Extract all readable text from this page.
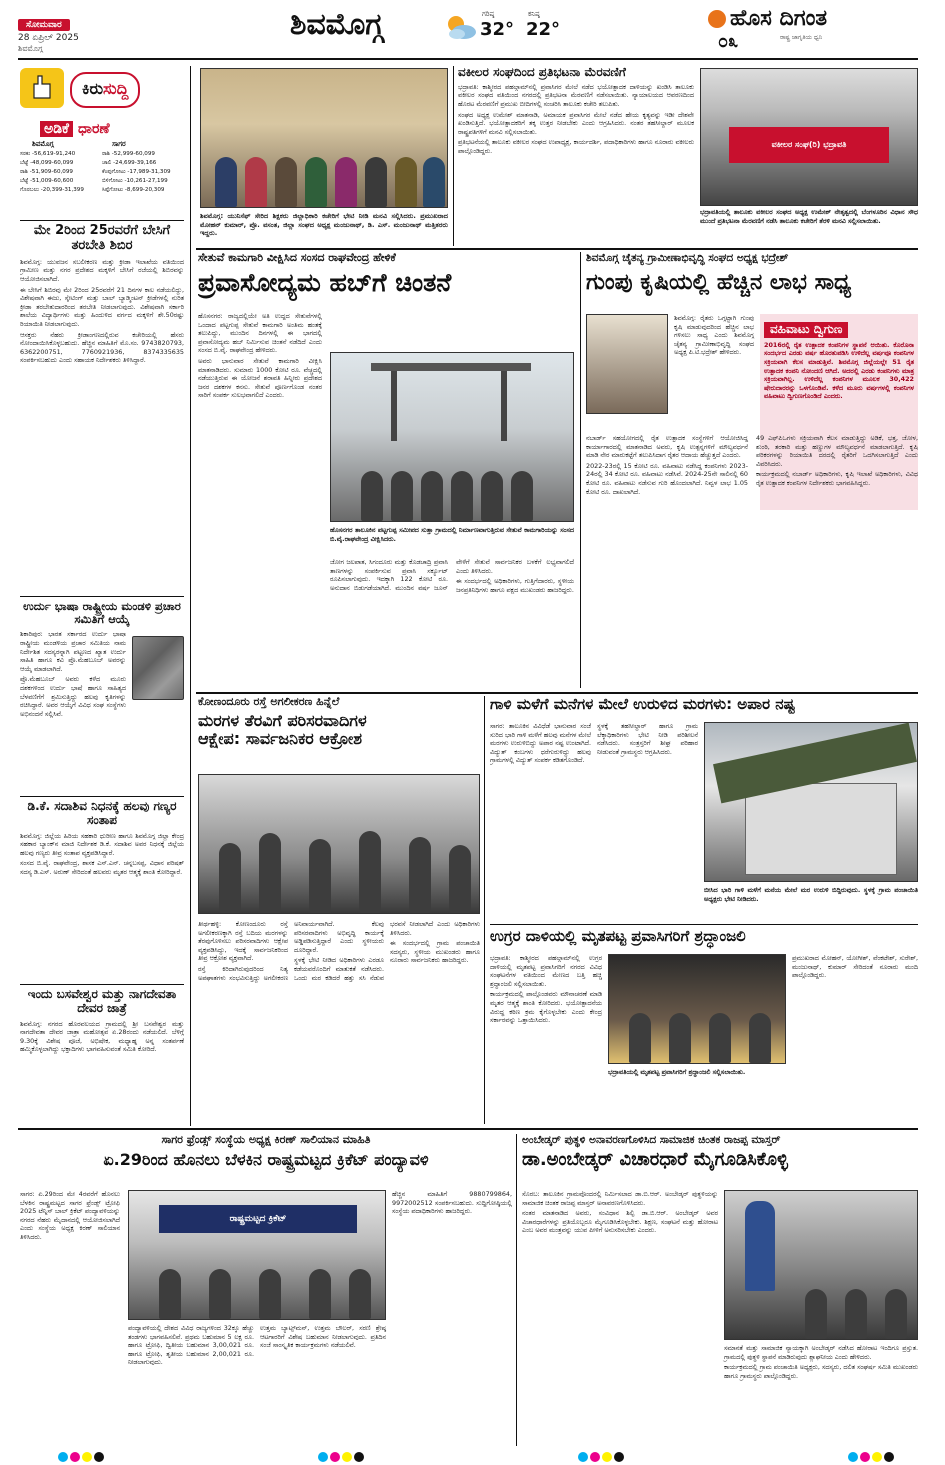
ಸೋಮವಾರ
28 ಏಪ್ರಿಲ್ 2025
ಶಿವಮೊಗ್ಗ
ಶಿವಮೊಗ್ಗ	ಗರಿಷ್ಠ
32°
ಕನಿಷ್ಠ
22°	ಹೊಸ ದಿಗಂತ
ರಾಷ್ಟ್ರ ಜಾಗೃತಿಯ ಧ್ವನಿ
೦೩
ಕಿರುಸುದ್ದಿ
ಅಡಿಕೆ ಧಾರಣೆ
ಶಿವಮೊಗ್ಗ	ಸಾಗರ
ಸರಕು -56,619-91,240	ರಾಶಿ -52,999-60,099
ಬೆಟ್ಟೆ -48,099-60,099	ಚಾಲಿ -24,699-39,166
ರಾಶಿ -51,909-60,099	ಕೆಂಪುಗೋಟು -17,989-31,309
ಬೆಟ್ಟೆ -51,009-60,600	ಬಿಳಿಗೋಟು -10,261-27,199
ಗೊರಬಲು -20,399-31,399	ಸಿಪ್ಪೆಗೋಟು -8,699-20,309
ಮೇ 2ರಿಂದ 25ರವರೆಗೆ ಬೇಸಿಗೆ ತರಬೇತಿ ಶಿಬಿರ

ಶಿವಮೊಗ್ಗ: ಯುವಜನ ಸಬಲೀಕರಣ ಮತ್ತು ಕ್ರೀಡಾ ಇಲಾಖೆಯ ವತಿಯಿಂದ ಗ್ರಾಮೀಣ ಮತ್ತು ನಗರ ಪ್ರದೇಶದ ಮಕ್ಕಳಿಗೆ ಬೇಸಿಗೆ ರಜೆಯಲ್ಲಿ ಶಿಬಿರವನ್ನು ಆಯೋಜಿಸಲಾಗಿದೆ.

ಈ ಬೇಸಿಗೆ ಶಿಬಿರವು ಮೇ 2ರಿಂದ 25ರವರೆಗೆ 21 ದಿನಗಳ ಕಾಲ ನಡೆಯಲಿದ್ದು, ವಿಶೇಷವಾಗಿ ಈಜು, ಸ್ಕೇಟಿಂಗ್ ಮತ್ತು ಬಾಲ್ ಬ್ಯಾಡ್ಮಿಂಟನ್ ಕ್ರೀಡೆಗಳಲ್ಲಿ ನುರಿತ ಕ್ರೀಡಾ ತರಬೇತುದಾರರಿಂದ ತರಬೇತಿ ನೀಡಲಾಗುವುದು. ವಿಶೇಷವಾಗಿ ಸರ್ಕಾರಿ ಶಾಲೆಯ ವಿದ್ಯಾರ್ಥಿಗಳು ಮತ್ತು ಹಿಂದುಳಿದ ವರ್ಗದ ಮಕ್ಕಳಿಗೆ ಶೇ.50ರಷ್ಟು ರಿಯಾಯಿತಿ ನೀಡಲಾಗುವುದು.

ಆಸಕ್ತರು ನೆಹರು ಕ್ರೀಡಾಂಗಣದಲ್ಲಿರುವ ಕಚೇರಿಯಲ್ಲಿ ಹೆಸರು ನೋಂದಾಯಿಸಿಕೊಳ್ಳಬಹುದು. ಹೆಚ್ಚಿನ ಮಾಹಿತಿಗೆ ಮೊ.ಸಂ. 9743820793, 6362200751, 7760921936, 8374335635 ಸಂಪರ್ಕಿಸಬಹುದು ಎಂದು ಸಹಾಯಕ ನಿರ್ದೇಶಕರು ತಿಳಿಸಿದ್ದಾರೆ.

ಉರ್ದು ಭಾಷಾ ರಾಷ್ಟ್ರೀಯ ಮಂಡಳಿ ಪ್ರಚಾರ ಸಮಿತಿಗೆ ಆಯ್ಕೆ

ಶಿಕಾರಿಪುರ: ಭಾರತ ಸರ್ಕಾರದ ಉರ್ದು ಭಾಷಾ ರಾಷ್ಟ್ರೀಯ ಮಂಡಳಿಯ ಪ್ರಚಾರ ಸಮಿತಿಯ ನಾಮ ನಿರ್ದೇಶಿತ ಸದಸ್ಯರನ್ನಾಗಿ ಪಟ್ಟಣದ ಖ್ಯಾತ ಉರ್ದು ಸಾಹಿತಿ ಹಾಗೂ ಕವಿ ಪ್ರೊ.ಮೆಹಬೂಬ್ ಅವರನ್ನು ಆಯ್ಕೆ ಮಾಡಲಾಗಿದೆ.

ಪ್ರೊ.ಮೆಹಬೂಬ್ ಅವರು ಕಳೆದ ಮೂರು ದಶಕಗಳಿಂದ ಉರ್ದು ಭಾಷೆ ಹಾಗೂ ಸಾಹಿತ್ಯದ ಬೆಳವಣಿಗೆಗೆ ಶ್ರಮಿಸುತ್ತಿದ್ದು ಹಲವು ಕೃತಿಗಳನ್ನು ರಚಿಸಿದ್ದಾರೆ. ಅವರ ಆಯ್ಕೆಗೆ ವಿವಿಧ ಸಂಘ ಸಂಸ್ಥೆಗಳು ಅಭಿನಂದನೆ ಸಲ್ಲಿಸಿವೆ.

ಡಿ.ಕೆ. ಸದಾಶಿವ ನಿಧನಕ್ಕೆ ಹಲವು ಗಣ್ಯರ ಸಂತಾಪ

ಶಿವಮೊಗ್ಗ: ಜಿಲ್ಲೆಯ ಹಿರಿಯ ಸಹಕಾರಿ ಧುರೀಣ ಹಾಗೂ ಶಿವಮೊಗ್ಗ ಜಿಲ್ಲಾ ಕೇಂದ್ರ ಸಹಕಾರ ಬ್ಯಾಂಕ್‌ನ ಮಾಜಿ ನಿರ್ದೇಶಕ ಡಿ.ಕೆ. ಸದಾಶಿವ ಅವರ ನಿಧನಕ್ಕೆ ಜಿಲ್ಲೆಯ ಹಲವು ಗಣ್ಯರು ತೀವ್ರ ಸಂತಾಪ ವ್ಯಕ್ತಪಡಿಸಿದ್ದಾರೆ.

ಸಂಸದ ಬಿ.ವೈ. ರಾಘವೇಂದ್ರ, ಶಾಸಕ ಎಸ್.ಎನ್. ಚನ್ನಬಸಪ್ಪ, ವಿಧಾನ ಪರಿಷತ್ ಸದಸ್ಯ ಡಿ.ಎಸ್. ಅರುಣ್ ಸೇರಿದಂತೆ ಹಲವರು ಮೃತರ ಆತ್ಮಕ್ಕೆ ಶಾಂತಿ ಕೋರಿದ್ದಾರೆ.

ಇಂದು ಬಸವೇಶ್ವರ ಮತ್ತು ನಾಗದೇವತಾ ದೇವರ ಜಾತ್ರೆ

ಶಿವಮೊಗ್ಗ: ನಗರದ ಹೊರವಲಯದ ಗ್ರಾಮದಲ್ಲಿ ಶ್ರೀ ಬಸವೇಶ್ವರ ಮತ್ತು ನಾಗದೇವತಾ ದೇವರ ಜಾತ್ರಾ ಮಹೋತ್ಸವ ಏ.28ರಂದು ನಡೆಯಲಿದೆ. ಬೆಳಿಗ್ಗೆ 9.30ಕ್ಕೆ ವಿಶೇಷ ಪೂಜೆ, ಅಭಿಷೇಕ, ಮಧ್ಯಾಹ್ನ ಅನ್ನ ಸಂತರ್ಪಣೆ ಹಮ್ಮಿಕೊಳ್ಳಲಾಗಿದ್ದು ಭಕ್ತಾದಿಗಳು ಭಾಗವಹಿಸುವಂತೆ ಸಮಿತಿ ಕೋರಿದೆ.

ಶಿವಮೊಗ್ಗ: ಯುನಿಸೆಫ್ ಸೇರಿದ ಶಿಕ್ಷಕರು ಜಿಲ್ಲಾಧಿಕಾರಿ ಕಚೇರಿಗೆ ಭೇಟಿ ನೀಡಿ ಮನವಿ ಸಲ್ಲಿಸಿದರು. ಪ್ರಮುಖರಾದ ಮೋಹನ್ ಕುಮಾರ್, ಪ್ರೊ. ವಸಂತ, ಜಿಲ್ಲಾ ಸಂಘದ ಅಧ್ಯಕ್ಷ ಮಂಜುನಾಥ್, ಡಿ. ಎಸ್. ಮಂಜುನಾಥ್ ಮತ್ತಿತರರು ಇದ್ದರು.
ವಕೀಲರ ಸಂಘದಿಂದ ಪ್ರತಿಭಟನಾ ಮೆರವಣಿಗೆ

ಭದ್ರಾವತಿ: ಕಾಶ್ಮೀರದ ಪಹಲ್ಗಾಮ್‌ನಲ್ಲಿ ಪ್ರವಾಸಿಗರ ಮೇಲೆ ನಡೆದ ಭಯೋತ್ಪಾದಕ ದಾಳಿಯನ್ನು ಖಂಡಿಸಿ ತಾಲೂಕು ವಕೀಲರ ಸಂಘದ ವತಿಯಿಂದ ನಗರದಲ್ಲಿ ಪ್ರತಿಭಟನಾ ಮೆರವಣಿಗೆ ನಡೆಸಲಾಯಿತು. ನ್ಯಾಯಾಲಯದ ಆವರಣದಿಂದ ಹೊರಟ ಮೆರವಣಿಗೆ ಪ್ರಮುಖ ಬೀದಿಗಳಲ್ಲಿ ಸಂಚರಿಸಿ ತಾಲೂಕು ಕಚೇರಿ ತಲುಪಿತು.

ಸಂಘದ ಅಧ್ಯಕ್ಷ ಉಮೇಶ್ ಮಾತನಾಡಿ, ಅಮಾಯಕ ಪ್ರವಾಸಿಗರ ಮೇಲೆ ನಡೆದ ಹೇಯ ಕೃತ್ಯವನ್ನು ಇಡೀ ದೇಶವೇ ಖಂಡಿಸುತ್ತಿದೆ. ಭಯೋತ್ಪಾದಕರಿಗೆ ತಕ್ಕ ಉತ್ತರ ನೀಡಬೇಕು ಎಂದು ಆಗ್ರಹಿಸಿದರು. ನಂತರ ತಹಸೀಲ್ದಾರ್ ಮೂಲಕ ರಾಷ್ಟ್ರಪತಿಗಳಿಗೆ ಮನವಿ ಸಲ್ಲಿಸಲಾಯಿತು.

ಪ್ರತಿಭಟನೆಯಲ್ಲಿ ತಾಲೂಕು ವಕೀಲರ ಸಂಘದ ಉಪಾಧ್ಯಕ್ಷ, ಕಾರ್ಯದರ್ಶಿ, ಪದಾಧಿಕಾರಿಗಳು ಹಾಗೂ ನೂರಾರು ವಕೀಲರು ಪಾಲ್ಗೊಂಡಿದ್ದರು.

ವಕೀಲರ ಸಂಘ(ರಿ) ಭದ್ರಾವತಿ
ಭದ್ರಾವತಿಯಲ್ಲಿ ತಾಲೂಕು ವಕೀಲರ ಸಂಘದ ಅಧ್ಯಕ್ಷ ಉಮೇಶ್ ನೇತೃತ್ವದಲ್ಲಿ ಬೆಂಗಳೂರಿನ ವಿಧಾನ ಸೌಧ ಮುಂದೆ ಪ್ರತಿಭಟನಾ ಮೆರವಣಿಗೆ ನಡೆಸಿ ತಾಲೂಕು ಕಚೇರಿಗೆ ತೆರಳಿ ಮನವಿ ಸಲ್ಲಿಸಲಾಯಿತು.
ಸೇತುವೆ ಕಾಮಗಾರಿ ವೀಕ್ಷಿಸಿದ ಸಂಸದ ರಾಘವೇಂದ್ರ ಹೇಳಿಕೆ
ಪ್ರವಾಸೋದ್ಯಮ ಹಬ್‌ಗೆ ಚಿಂತನೆ

ಹೊಸನಗರ: ರಾಜ್ಯದಲ್ಲಿಯೇ ಅತಿ ಉದ್ದದ ಸೇತುವೆಗಳಲ್ಲಿ ಒಂದಾದ ಪಟ್ಟಗುಪ್ಪ ಸೇತುವೆ ಕಾಮಗಾರಿ ಅಂತಿಮ ಹಂತಕ್ಕೆ ತಲುಪಿದ್ದು, ಮುಂದಿನ ದಿನಗಳಲ್ಲಿ ಈ ಭಾಗದಲ್ಲಿ ಪ್ರವಾಸೋದ್ಯಮ ಹಬ್ ನಿರ್ಮಿಸುವ ಚಿಂತನೆ ನಡೆದಿದೆ ಎಂದು ಸಂಸದ ಬಿ.ವೈ. ರಾಘವೇಂದ್ರ ಹೇಳಿದರು.

ಅವರು ಭಾನುವಾರ ಸೇತುವೆ ಕಾಮಗಾರಿ ವೀಕ್ಷಿಸಿ ಮಾತನಾಡಿದರು. ಸುಮಾರು 1000 ಕೋಟಿ ರೂ. ವೆಚ್ಚದಲ್ಲಿ ನಡೆಯುತ್ತಿರುವ ಈ ಯೋಜನೆ ಶರಾವತಿ ಹಿನ್ನೀರು ಪ್ರದೇಶದ ಜನರ ದಶಕಗಳ ಕನಸು. ಸೇತುವೆ ಪೂರ್ಣಗೊಂಡ ನಂತರ ಸಾರಿಗೆ ಸಂಪರ್ಕ ಸುಲಭವಾಗಲಿದೆ ಎಂದರು.

ಹೊಸನಗರ ತಾಲೂಕಿನ ಪಟ್ಟಗುಪ್ಪ ಸಮೀಪದ ಸುತ್ತಾ ಗ್ರಾಮದಲ್ಲಿ ನಿರ್ಮಾಣವಾಗುತ್ತಿರುವ ಸೇತುವೆ ಕಾಮಗಾರಿಯನ್ನು ಸಂಸದ ಬಿ.ವೈ.ರಾಘವೇಂದ್ರ ವೀಕ್ಷಿಸಿದರು.

ಜೋಗ ಜಲಪಾತ, ಸಿಗಂದೂರು ಮತ್ತು ಕೊಡಚಾದ್ರಿ ಪ್ರವಾಸಿ ತಾಣಗಳನ್ನು ಸಂಪರ್ಕಿಸುವ ಪ್ರವಾಸಿ ಸರ್ಕ್ಯೂಟ್ ರೂಪಿಸಲಾಗುವುದು. ಇದಕ್ಕಾಗಿ 122 ಕೋಟಿ ರೂ. ಅನುದಾನ ಬಿಡುಗಡೆಯಾಗಿದೆ. ಮುಂದಿನ ವರ್ಷ ಜೂನ್ ವೇಳೆಗೆ ಸೇತುವೆ ಸಾರ್ವಜನಿಕರ ಬಳಕೆಗೆ ಲಭ್ಯವಾಗಲಿದೆ ಎಂದು ತಿಳಿಸಿದರು.

ಈ ಸಂದರ್ಭದಲ್ಲಿ ಅಧಿಕಾರಿಗಳು, ಗುತ್ತಿಗೆದಾರರು, ಸ್ಥಳೀಯ ಜನಪ್ರತಿನಿಧಿಗಳು ಹಾಗೂ ಪಕ್ಷದ ಮುಖಂಡರು ಹಾಜರಿದ್ದರು.

ಶಿವಮೊಗ್ಗ ಚೈತನ್ಯ ಗ್ರಾಮೀಣಾಭಿವೃದ್ಧಿ ಸಂಘದ ಅಧ್ಯಕ್ಷ ಭದ್ರೇಶ್
ಗುಂಪು ಕೃಷಿಯಲ್ಲಿ ಹೆಚ್ಚಿನ ಲಾಭ ಸಾಧ್ಯ

ಶಿವಮೊಗ್ಗ: ರೈತರು ಒಗ್ಗಟ್ಟಾಗಿ ಗುಂಪು ಕೃಷಿ ಮಾಡುವುದರಿಂದ ಹೆಚ್ಚಿನ ಲಾಭ ಗಳಿಸಲು ಸಾಧ್ಯ ಎಂದು ಶಿವಮೊಗ್ಗ ಚೈತನ್ಯ ಗ್ರಾಮೀಣಾಭಿವೃದ್ಧಿ ಸಂಘದ ಅಧ್ಯಕ್ಷ ಪಿ.ಟಿ.ಭದ್ರೇಶ್ ಹೇಳಿದರು.

ವಹಿವಾಟು ದ್ವಿಗುಣ
2016ರಲ್ಲಿ ರೈತ ಉತ್ಪಾದಕ ಕಂಪನಿಗಳ ಸ್ಥಾಪನೆ ಆಯಿತು. ಕೊರೊನಾ ಸಂದರ್ಭದ ಎರಡು ವರ್ಷ ಹೊರತುಪಡಿಸಿ ಉಳಿದೆಲ್ಲ ವರ್ಷವೂ ಕಂಪನಿಗಳ ಸಕ್ರಿಯವಾಗಿ ಕೆಲಸ ಮಾಡುತ್ತಿವೆ. ಶಿವಮೊಗ್ಗ ಜಿಲ್ಲೆಯಲ್ಲೇ 51 ರೈತ ಉತ್ಪಾದಕ ಕಂಪನಿ ನೋಂದಣಿ ಆಗಿದೆ. ಅದರಲ್ಲಿ ಎರಡು ಕಂಪನಿಗಳು ಮಾತ್ರ ಸಕ್ರಿಯವಾಗಿಲ್ಲ. ಉಳಿದೆಲ್ಲ ಕಂಪನಿಗಳ ಮೂಲಕ 30,422 ಷೇರುದಾರರನ್ನು ಒಳಗೊಂಡಿವೆ. ಕಳೆದ ಮೂರು ವರ್ಷಗಳಲ್ಲಿ ಕಂಪನಿಗಳ ವಹಿವಾಟು ದ್ವಿಗುಣಗೊಂಡಿದೆ ಎಂದರು.

ನಬಾರ್ಡ್ ಸಹಯೋಗದಲ್ಲಿ ರೈತ ಉತ್ಪಾದಕ ಸಂಸ್ಥೆಗಳಿಗೆ ಆಯೋಜಿಸಿದ್ದ ಕಾರ್ಯಾಗಾರದಲ್ಲಿ ಮಾತನಾಡಿದ ಅವರು, ಕೃಷಿ ಉತ್ಪನ್ನಗಳಿಗೆ ಮೌಲ್ಯವರ್ಧನೆ ಮಾಡಿ ನೇರ ಮಾರುಕಟ್ಟೆಗೆ ತಲುಪಿಸಿದಾಗ ರೈತರ ಆದಾಯ ಹೆಚ್ಚುತ್ತದೆ ಎಂದರು.

2022-23ರಲ್ಲಿ 15 ಕೋಟಿ ರೂ. ವಹಿವಾಟು ನಡೆಸಿದ್ದ ಕಂಪನಿಗಳು 2023-24ರಲ್ಲಿ 34 ಕೋಟಿ ರೂ. ವಹಿವಾಟು ನಡೆಸಿವೆ. 2024-25ನೇ ಸಾಲಿನಲ್ಲಿ 60 ಕೋಟಿ ರೂ. ವಹಿವಾಟು ನಡೆಸುವ ಗುರಿ ಹೊಂದಲಾಗಿದೆ. ನಿವ್ವಳ ಲಾಭ 1.05 ಕೋಟಿ ರೂ. ದಾಖಲಾಗಿದೆ.

49 ಎಫ್‌ಪಿಒಗಳು ಸಕ್ರಿಯವಾಗಿ ಕೆಲಸ ಮಾಡುತ್ತಿದ್ದು ಅಡಿಕೆ, ಭತ್ತ, ಜೋಳ, ಶುಂಠಿ, ತರಕಾರಿ ಮತ್ತು ಹಣ್ಣುಗಳ ಮೌಲ್ಯವರ್ಧನೆ ಮಾಡಲಾಗುತ್ತಿದೆ. ಕೃಷಿ ಪರಿಕರಗಳನ್ನು ರಿಯಾಯಿತಿ ದರದಲ್ಲಿ ರೈತರಿಗೆ ಒದಗಿಸಲಾಗುತ್ತಿದೆ ಎಂದು ವಿವರಿಸಿದರು.

ಕಾರ್ಯಕ್ರಮದಲ್ಲಿ ನಬಾರ್ಡ್ ಅಧಿಕಾರಿಗಳು, ಕೃಷಿ ಇಲಾಖೆ ಅಧಿಕಾರಿಗಳು, ವಿವಿಧ ರೈತ ಉತ್ಪಾದಕ ಕಂಪನಿಗಳ ನಿರ್ದೇಶಕರು ಭಾಗವಹಿಸಿದ್ದರು.

ಕೋಣಂದೂರು ರಸ್ತೆ ಅಗಲೀಕರಣ ಹಿನ್ನೆಲೆ
ಮರಗಳ ತೆರವಿಗೆ ಪರಿಸರವಾದಿಗಳ
ಆಕ್ಷೇಪ: ಸಾರ್ವಜನಿಕರ ಆಕ್ರೋಶ

ತೀರ್ಥಹಳ್ಳಿ: ಕೋಣಂದೂರು ರಸ್ತೆ ಅಗಲೀಕರಣಕ್ಕಾಗಿ ರಸ್ತೆ ಬದಿಯ ಮರಗಳನ್ನು ತೆರವುಗೊಳಿಸಲು ಪರಿಸರವಾದಿಗಳು ಆಕ್ಷೇಪ ವ್ಯಕ್ತಪಡಿಸಿದ್ದು, ಇದಕ್ಕೆ ಸಾರ್ವಜನಿಕರಿಂದ ತೀವ್ರ ಆಕ್ರೋಶ ವ್ಯಕ್ತವಾಗಿದೆ.

ರಸ್ತೆ ಕಿರಿದಾಗಿರುವುದರಿಂದ ನಿತ್ಯ ಅಪಘಾತಗಳು ಸಂಭವಿಸುತ್ತಿದ್ದು ಅಗಲೀಕರಣ ಅನಿವಾರ್ಯವಾಗಿದೆ. ಕೆಲವು ಪರಿಸರವಾದಿಗಳು ಅಭಿವೃದ್ಧಿ ಕಾರ್ಯಕ್ಕೆ ಅಡ್ಡಿಪಡಿಸುತ್ತಿದ್ದಾರೆ ಎಂದು ಸ್ಥಳೀಯರು ದೂರಿದ್ದಾರೆ.

ಸ್ಥಳಕ್ಕೆ ಭೇಟಿ ನೀಡಿದ ಅಧಿಕಾರಿಗಳು ಎರಡೂ ಕಡೆಯವರೊಂದಿಗೆ ಮಾತುಕತೆ ನಡೆಸಿದರು. ಒಂದು ಮರ ಕಡಿದರೆ ಹತ್ತು ಸಸಿ ನೆಡುವ ಭರವಸೆ ನೀಡಲಾಗಿದೆ ಎಂದು ಅಧಿಕಾರಿಗಳು ತಿಳಿಸಿದರು.

ಈ ಸಂದರ್ಭದಲ್ಲಿ ಗ್ರಾಮ ಪಂಚಾಯಿತಿ ಸದಸ್ಯರು, ಸ್ಥಳೀಯ ಮುಖಂಡರು ಹಾಗೂ ನೂರಾರು ಸಾರ್ವಜನಿಕರು ಹಾಜರಿದ್ದರು.

ಗಾಳಿ ಮಳೆಗೆ ಮನೆಗಳ ಮೇಲೆ ಉರುಳಿದ ಮರಗಳು: ಅಪಾರ ನಷ್ಟ

ಸಾಗರ: ತಾಲೂಕಿನ ವಿವಿಧೆಡೆ ಭಾನುವಾರ ಸಂಜೆ ಸುರಿದ ಭಾರಿ ಗಾಳಿ ಮಳೆಗೆ ಹಲವು ಮನೆಗಳ ಮೇಲೆ ಮರಗಳು ಉರುಳಿಬಿದ್ದು ಅಪಾರ ನಷ್ಟ ಉಂಟಾಗಿದೆ. ವಿದ್ಯುತ್ ಕಂಬಗಳು ಧರೆಗುರುಳಿದ್ದು ಹಲವು ಗ್ರಾಮಗಳಲ್ಲಿ ವಿದ್ಯುತ್ ಸಂಪರ್ಕ ಕಡಿತಗೊಂಡಿದೆ.

ಸ್ಥಳಕ್ಕೆ ತಹಸೀಲ್ದಾರ್ ಹಾಗೂ ಗ್ರಾಮ ಲೆಕ್ಕಾಧಿಕಾರಿಗಳು ಭೇಟಿ ನೀಡಿ ಪರಿಶೀಲನೆ ನಡೆಸಿದರು. ಸಂತ್ರಸ್ತರಿಗೆ ಶೀಘ್ರ ಪರಿಹಾರ ನೀಡುವಂತೆ ಗ್ರಾಮಸ್ಥರು ಆಗ್ರಹಿಸಿದರು.

ಬೀಸಿದ ಭಾರಿ ಗಾಳಿ ಮಳೆಗೆ ಮನೆಯ ಮೇಲೆ ಮರ ಉರುಳಿ ಬಿದ್ದಿರುವುದು. ಸ್ಥಳಕ್ಕೆ ಗ್ರಾಮ ಪಂಚಾಯಿತಿ ಅಧ್ಯಕ್ಷರು ಭೇಟಿ ನೀಡಿದರು.
ಉಗ್ರರ ದಾಳಿಯಲ್ಲಿ ಮೃತಪಟ್ಟ ಪ್ರವಾಸಿಗರಿಗೆ ಶ್ರದ್ಧಾಂಜಲಿ

ಭದ್ರಾವತಿ: ಕಾಶ್ಮೀರದ ಪಹಲ್ಗಾಮ್‌ನಲ್ಲಿ ಉಗ್ರರ ದಾಳಿಯಲ್ಲಿ ಮೃತಪಟ್ಟ ಪ್ರವಾಸಿಗರಿಗೆ ನಗರದ ವಿವಿಧ ಸಂಘಟನೆಗಳ ವತಿಯಿಂದ ಮೇಣದ ಬತ್ತಿ ಹಚ್ಚಿ ಶ್ರದ್ಧಾಂಜಲಿ ಸಲ್ಲಿಸಲಾಯಿತು.

ಕಾರ್ಯಕ್ರಮದಲ್ಲಿ ಪಾಲ್ಗೊಂಡವರು ಮೌನಾಚರಣೆ ಮಾಡಿ ಮೃತರ ಆತ್ಮಕ್ಕೆ ಶಾಂತಿ ಕೋರಿದರು. ಭಯೋತ್ಪಾದನೆಯ ವಿರುದ್ಧ ಕಠಿಣ ಕ್ರಮ ಕೈಗೊಳ್ಳಬೇಕು ಎಂದು ಕೇಂದ್ರ ಸರ್ಕಾರವನ್ನು ಒತ್ತಾಯಿಸಿದರು.

ಭದ್ರಾವತಿಯಲ್ಲಿ ಮೃತಪಟ್ಟ ಪ್ರವಾಸಿಗರಿಗೆ ಶ್ರದ್ಧಾಂಜಲಿ ಸಲ್ಲಿಸಲಾಯಿತು.

ಪ್ರಮುಖರಾದ ಮೋಹನ್, ಯೋಗೀಶ್, ವೆಂಕಟೇಶ್, ಸುರೇಶ್, ಮಂಜುನಾಥ್, ಕುಮಾರ್ ಸೇರಿದಂತೆ ನೂರಾರು ಮಂದಿ ಪಾಲ್ಗೊಂಡಿದ್ದರು.

ಸಾಗರ ಫ್ರೆಂಡ್ಸ್ ಸಂಸ್ಥೆಯ ಅಧ್ಯಕ್ಷ ಕಿರಣ್ ಸಾಲಿಯಾನ ಮಾಹಿತಿ
ಏ.29ರಿಂದ ಹೊನಲು ಬೆಳಕಿನ ರಾಷ್ಟ್ರಮಟ್ಟದ ಕ್ರಿಕೆಟ್ ಪಂದ್ಯಾವಳಿ

ಸಾಗರ: ಏ.29ರಿಂದ ಮೇ 4ರವರೆಗೆ ಹೊನಲು ಬೆಳಕಿನ ರಾಷ್ಟ್ರಮಟ್ಟದ ಸಾಗರ ಫ್ರೆಂಡ್ಸ್ ಟ್ರೋಫಿ 2025 ಟೆನ್ನಿಸ್ ಬಾಲ್ ಕ್ರಿಕೆಟ್ ಪಂದ್ಯಾವಳಿಯನ್ನು ನಗರದ ನೆಹರು ಮೈದಾನದಲ್ಲಿ ಆಯೋಜಿಸಲಾಗಿದೆ ಎಂದು ಸಂಸ್ಥೆಯ ಅಧ್ಯಕ್ಷ ಕಿರಣ್ ಸಾಲಿಯಾನ ತಿಳಿಸಿದರು.

ರಾಷ್ಟ್ರಮಟ್ಟದ ಕ್ರಿಕೆಟ್

ಪಂದ್ಯಾವಳಿಯಲ್ಲಿ ದೇಶದ ವಿವಿಧ ರಾಜ್ಯಗಳಿಂದ 32ಕ್ಕೂ ಹೆಚ್ಚು ತಂಡಗಳು ಭಾಗವಹಿಸಲಿವೆ. ಪ್ರಥಮ ಬಹುಮಾನ 5 ಲಕ್ಷ ರೂ. ಹಾಗೂ ಟ್ರೋಫಿ, ದ್ವಿತೀಯ ಬಹುಮಾನ 3,00,021 ರೂ. ಹಾಗೂ ಟ್ರೋಫಿ, ತೃತೀಯ ಬಹುಮಾನ 2,00,021 ರೂ. ನೀಡಲಾಗುವುದು.

ಉತ್ತಮ ಬ್ಯಾಟ್ಸ್‌ಮನ್, ಉತ್ತಮ ಬೌಲರ್, ಸರಣಿ ಶ್ರೇಷ್ಠ ಆಟಗಾರರಿಗೆ ವಿಶೇಷ ಬಹುಮಾನ ನೀಡಲಾಗುವುದು. ಪ್ರತಿದಿನ ಸಂಜೆ ಸಾಂಸ್ಕೃತಿಕ ಕಾರ್ಯಕ್ರಮಗಳು ನಡೆಯಲಿವೆ.

ಹೆಚ್ಚಿನ ಮಾಹಿತಿಗೆ 9880799864, 9972002512 ಸಂಪರ್ಕಿಸಬಹುದು. ಸುದ್ದಿಗೋಷ್ಠಿಯಲ್ಲಿ ಸಂಸ್ಥೆಯ ಪದಾಧಿಕಾರಿಗಳು ಹಾಜರಿದ್ದರು.

ಅಂಬೇಡ್ಕರ್ ಪುತ್ಥಳಿ ಅನಾವರಣಗೊಳಿಸಿದ ಸಾಮಾಜಿಕ ಚಿಂತಕ ರಾಜಪ್ಪ ಮಾಸ್ತರ್
ಡಾ.ಅಂಬೇಡ್ಕರ್ ವಿಚಾರಧಾರೆ ಮೈಗೂಡಿಸಿಕೊಳ್ಳಿ

ಸೊರಬ: ತಾಲೂಕಿನ ಗ್ರಾಮವೊಂದರಲ್ಲಿ ನಿರ್ಮಿಸಲಾದ ಡಾ.ಬಿ.ಆರ್. ಅಂಬೇಡ್ಕರ್ ಪುತ್ಥಳಿಯನ್ನು ಸಾಮಾಜಿಕ ಚಿಂತಕ ರಾಜಪ್ಪ ಮಾಸ್ತರ್ ಅನಾವರಣಗೊಳಿಸಿದರು.

ನಂತರ ಮಾತನಾಡಿದ ಅವರು, ಸಂವಿಧಾನ ಶಿಲ್ಪಿ ಡಾ.ಬಿ.ಆರ್. ಅಂಬೇಡ್ಕರ್ ಅವರ ವಿಚಾರಧಾರೆಗಳನ್ನು ಪ್ರತಿಯೊಬ್ಬರೂ ಮೈಗೂಡಿಸಿಕೊಳ್ಳಬೇಕು. ಶಿಕ್ಷಣ, ಸಂಘಟನೆ ಮತ್ತು ಹೋರಾಟ ಎಂಬ ಅವರ ಮಂತ್ರವನ್ನು ಯುವ ಪೀಳಿಗೆ ಅನುಸರಿಸಬೇಕು ಎಂದರು.

ಸಮಾನತೆ ಮತ್ತು ಸಾಮಾಜಿಕ ನ್ಯಾಯಕ್ಕಾಗಿ ಅಂಬೇಡ್ಕರ್ ನಡೆಸಿದ ಹೋರಾಟ ಇಂದಿಗೂ ಪ್ರಸ್ತುತ. ಗ್ರಾಮದಲ್ಲಿ ಪುತ್ಥಳಿ ಸ್ಥಾಪನೆ ಮಾಡಿರುವುದು ಶ್ಲಾಘನೀಯ ಎಂದು ಹೇಳಿದರು.

ಕಾರ್ಯಕ್ರಮದಲ್ಲಿ ಗ್ರಾಮ ಪಂಚಾಯಿತಿ ಅಧ್ಯಕ್ಷರು, ಸದಸ್ಯರು, ದಲಿತ ಸಂಘರ್ಷ ಸಮಿತಿ ಮುಖಂಡರು ಹಾಗೂ ಗ್ರಾಮಸ್ಥರು ಪಾಲ್ಗೊಂಡಿದ್ದರು.
